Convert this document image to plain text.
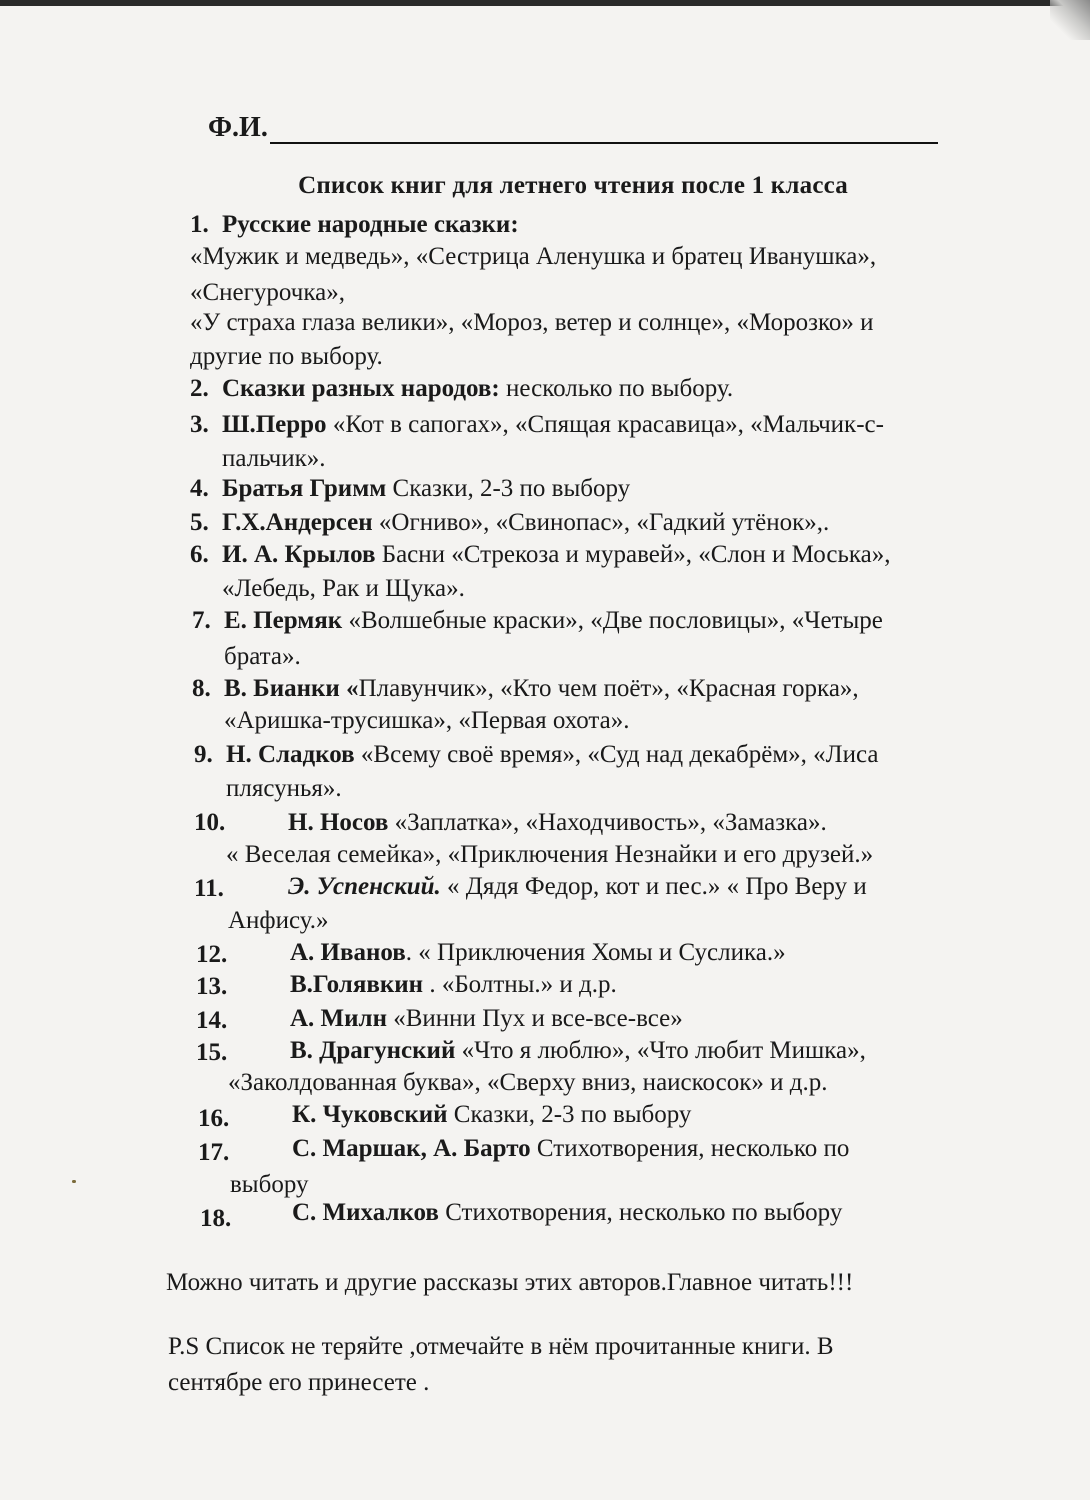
Ф.И.
Список книг для летнего чтения после 1 класса
1. Русские народные сказки:
«Мужик и медведь», «Сестрица Аленушка и братец Иванушка»,
«Снегурочка»,
«У страха глаза велики», «Мороз, ветер и солнце», «Морозко» и
другие по выбору.
2. Сказки разных народов: несколько по выбору.
3. Ш.Перро «Кот в сапогах», «Спящая красавица», «Мальчик-с-
пальчик».
4. Братья Гримм Сказки, 2-3 по выбору
5. Г.Х.Андерсен «Огниво», «Свинопас», «Гадкий утёнок»,.
6. И. А. Крылов Басни «Стрекоза и муравей», «Слон и Моська»,
«Лебедь, Рак и Щука».
7. Е. Пермяк «Волшебные краски», «Две пословицы», «Четыре
брата».
8. В. Бианки «Плавунчик», «Кто чем поёт», «Красная горка»,
«Аришка-трусишка», «Первая охота».
9. Н. Сладков «Всему своё время», «Суд над декабрём», «Лиса
плясунья».
10.	Н. Носов «Заплатка», «Находчивость», «Замазка».
« Веселая семейка», «Приключения Незнайки и его друзей.»
11.	Э. Успенский. « Дядя Федор, кот и пес.» « Про Веру и
Анфису.»
12.	А. Иванов. « Приключения Хомы и Суслика.»
13.	В.Голявкин . «Болтны.» и д.р.
14.	А. Милн «Винни Пух и все-все-все»
15.	В. Драгунский «Что я люблю», «Что любит Мишка»,
«Заколдованная буква», «Сверху вниз, наискосок» и д.р.
16.	К. Чуковский Сказки, 2-3 по выбору
17.	С. Маршак, А. Барто Стихотворения, несколько по
выбору
18. С. Михалков Стихотворения, несколько по выбору
Можно читать и другие рассказы этих авторов.Главное читать!!!
P.S Список не теряйте ,отмечайте в нём прочитанные книги. В
сентябре его принесете .
